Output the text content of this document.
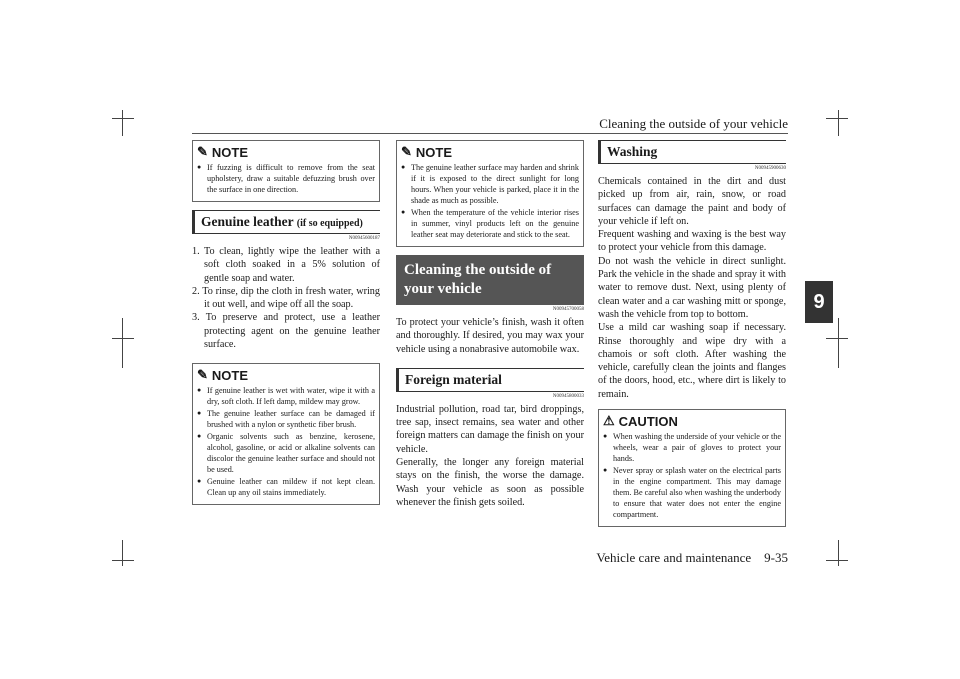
Cleaning the outside of your vehicle
9
Vehicle care and maintenance 9-35
✎ NOTE
● If fuzzing is difficult to remove from the seat upholstery, draw a suitable defuzzing brush over the surface in one direction.
Genuine leather (if so equipped)
N00945600187
1. To clean, lightly wipe the leather with a soft cloth soaked in a 5% solution of gentle soap and water.
2. To rinse, dip the cloth in fresh water, wring it out well, and wipe off all the soap.
3. To preserve and protect, use a leather protecting agent on the genuine leather surface.
✎ NOTE
● If genuine leather is wet with water, wipe it with a dry, soft cloth. If left damp, mildew may grow.
● The genuine leather surface can be damaged if brushed with a nylon or synthetic fiber brush.
● Organic solvents such as benzine, kerosene, alcohol, gasoline, or acid or alkaline solvents can discolor the genuine leather surface and should not be used.
● Genuine leather can mildew if not kept clean. Clean up any oil stains immediately.
✎ NOTE
● The genuine leather surface may harden and shrink if it is exposed to the direct sunlight for long hours. When your vehicle is parked, place it in the shade as much as possible.
● When the temperature of the vehicle interior rises in summer, vinyl products left on the genuine leather seat may deteriorate and stick to the seat.
Cleaning the outside of your vehicle
N00945700058

To protect your vehicle’s finish, wash it often and thoroughly. If desired, you may wax your vehicle using a nonabrasive automobile wax.

Foreign material
N00945800033

Industrial pollution, road tar, bird droppings, tree sap, insect remains, sea water and other foreign matters can damage the finish on your vehicle.

Generally, the longer any foreign material stays on the finish, the worse the damage. Wash your vehicle as soon as possible whenever the finish gets soiled.

Washing
N00945900630

Chemicals contained in the dirt and dust picked up from air, rain, snow, or road surfaces can damage the paint and body of your vehicle if left on.

Frequent washing and waxing is the best way to protect your vehicle from this damage.

Do not wash the vehicle in direct sunlight. Park the vehicle in the shade and spray it with water to remove dust. Next, using plenty of clean water and a car washing mitt or sponge, wash the vehicle from top to bottom.

Use a mild car washing soap if necessary. Rinse thoroughly and wipe dry with a chamois or soft cloth. After washing the vehicle, carefully clean the joints and flanges of the doors, hood, etc., where dirt is likely to remain.

⚠ CAUTION
● When washing the underside of your vehicle or the wheels, wear a pair of gloves to protect your hands.
● Never spray or splash water on the electrical parts in the engine compartment. This may damage them. Be careful also when washing the underbody to ensure that water does not enter the engine compartment.
